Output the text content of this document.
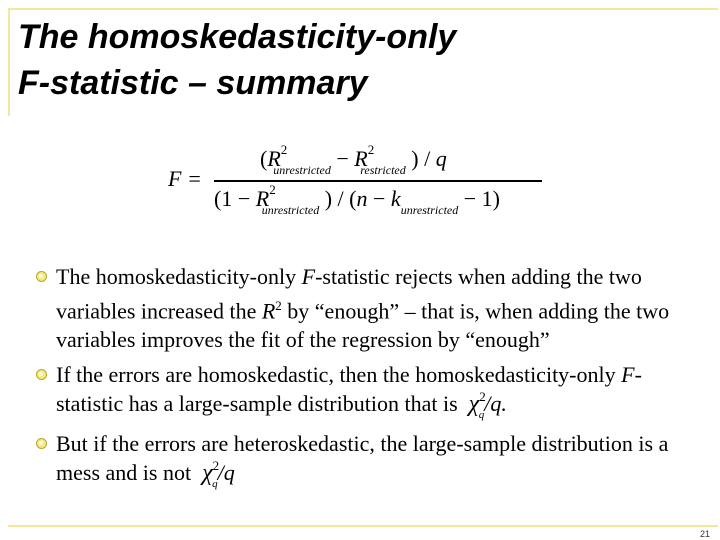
The homoskedasticity-only
F-statistic – summary
F =
($R^2_{unrestricted} - R^2_{restricted}$ ) / q
($1 - R^2_{unrestricted}$ ) / $(n - k_{unrestricted} - 1)$
The homoskedasticity-only F-statistic rejects when adding the two variables increased the $R^2$ by “enough” – that is, when adding the two variables improves the fit of the regression by “enough”
If the errors are homoskedastic, then the homoskedasticity-only F-statistic has a large-sample distribution that is  $\chi^2_q/q$.
But if the errors are heteroskedastic, the large-sample distribution is a mess and is not  $\chi^2_q/q$
21
